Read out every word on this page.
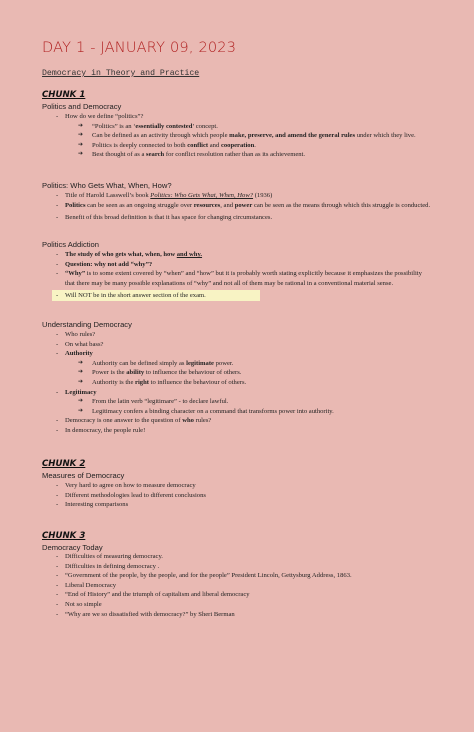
DAY 1 - JANUARY 09, 2023
Democracy in Theory and Practice
CHUNK 1
Politics and Democracy
- How do we define “politics”?
➔ “Politics” is an ‘essentially contested’ concept.
➔ Can be defined as an activity through which people make, preserve, and amend the general rules under which they live.
➔ Politics is deeply connected to both conflict and cooperation.
➔ Best thought of as a search for conflict resolution rather than as its achievement.
Politics: Who Gets What, When, How?
- Title of Harold Lasswell’s book Politics: Who Gets What, When, How? (1936)
- Politics can be seen as an ongoing struggle over resources, and power can be seen as the means through which this struggle is conducted.
- Benefit of this broad definition is that it has space for changing circumstances.
Politics Addiction
- The study of who gets what, when, how and why.
- Question: why not add “why”?
- “Why” is to some extent covered by “when” and “how” but it is probably worth stating explicitly because it emphasizes the possibility that there may be many possible explanations of “why” and not all of them may be rational in a conventional material sense.
- Will NOT be in the short answer section of the exam.
Understanding Democracy
- Who rules?
- On what bass?
- Authority
➔ Authority can be defined simply as legitimate power.
➔ Power is the ability to influence the behaviour of others.
➔ Authority is the right to influence the behaviour of others.
- Legitimacy
➔ From the latin verb “legitimare” - to declare lawful.
➔ Legitimacy confers a binding character on a command that transforms power into authority.
- Democracy is one answer to the question of who rules?
- In democracy, the people rule!
CHUNK 2
Measures of Democracy
- Very hard to agree on how to measure democracy
- Different methodologies lead to different conclusions
- Interesting comparisons
CHUNK 3
Democracy Today
- Difficulties of measuring democracy.
- Difficulties in defining democracy .
- “Government of the people, by the people, and for the people” President Lincoln, Gettysburg Address, 1863.
- Liberal Democracy
- “End of History” and the triumph of capitalism and liberal democracy
- Not so simple
- “Why are we so dissatisfied with democracy?” by Sheri Berman
